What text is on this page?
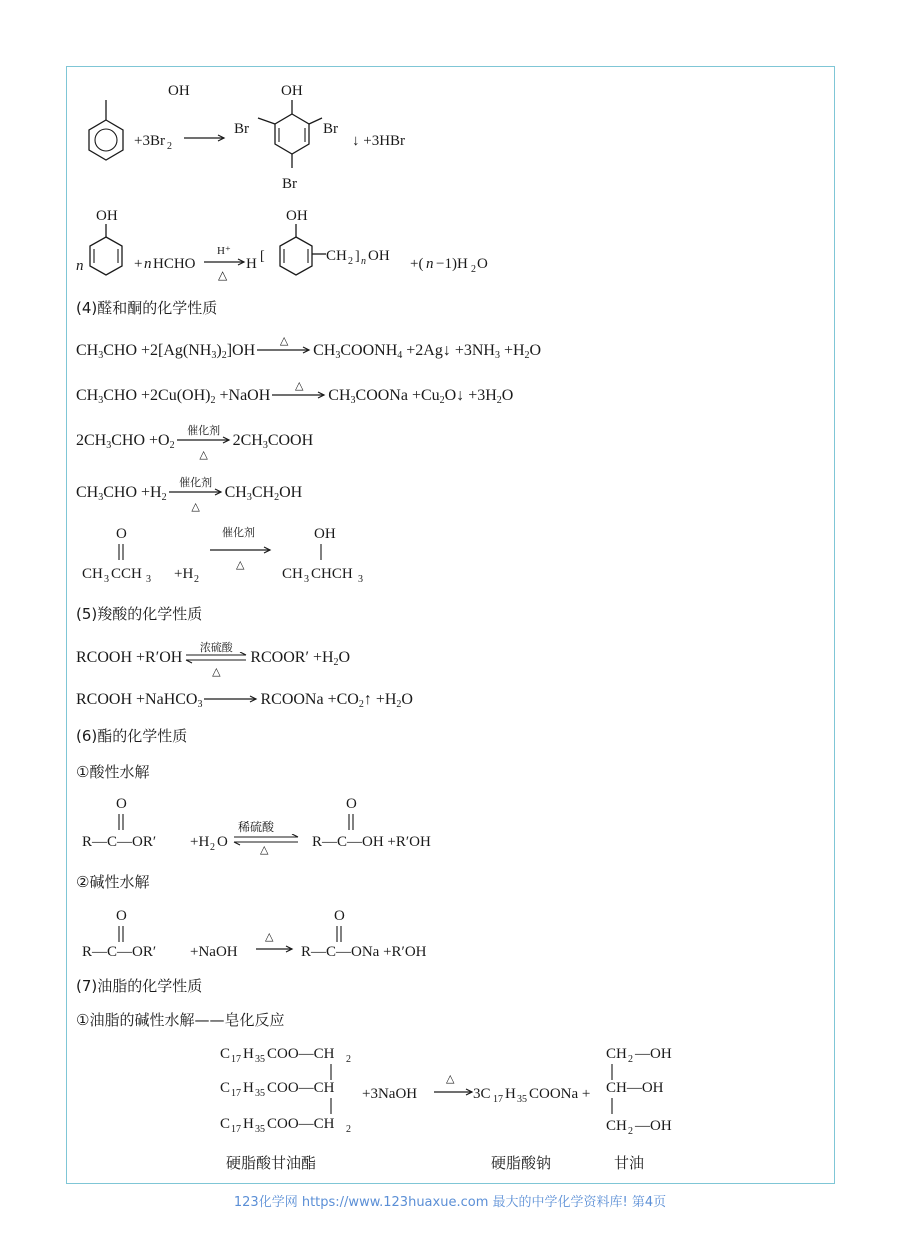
OH
+3Br 2
OH
Br	Br
Br
↓ +3HBr
OH
n	+ n HCHO
H⁺
△
H [
OH
CH 2 ] n OH +( n −1)H 2 O
(4)醛和酮的化学性质
$CH_3CHO +2[Ag(NH_3)_2]OH$
△
$CH_3COONH_4$ +2Ag↓ $+3NH_3 +H_2O$
$CH_3CHO +2Cu(OH)_2$ +NaOH
△
$CH_3COONa$ $+Cu_2O↓ +3H_2O$
$2CH_3CHO +O_2$
催化剂
△
$2CH_3COOH$
$CH_3CHO +H_2$
催化剂
△
$CH_3CH_2OH$
O
CH 3 CCH 3 +H 2
催化剂
△
OH
CH 3 CHCH 3
(5)羧酸的化学性质
RCOOH +R′OH
浓硫酸
△
RCOOR′ $+H_2O$
RCOOH +NaHCO$_3$	RCOONa $+CO_2↑ +H_2O$
(6)酯的化学性质
①酸性水解
O
R—C—OR′ +H 2 O
O
R—C—OH +R′OH
稀硫酸
△
②碱性水解
O
R—C—OR′ +NaOH
O
R—C—ONa +R′OH
△
(7)油脂的化学性质
①油脂的碱性水解——皂化反应
C 17 H 35 COO—CH 2
C 17 H 35 COO—CH
C 17 H 35 COO—CH 2
+3NaOH	3C 17 H 35 COONa +
CH 2 —OH
CH—OH
CH 2 —OH
△
硬脂酸甘油酯	硬脂酸钠	甘油
123化学网 https://www.123huaxue.com 最大的中学化学资料库! 第4页
